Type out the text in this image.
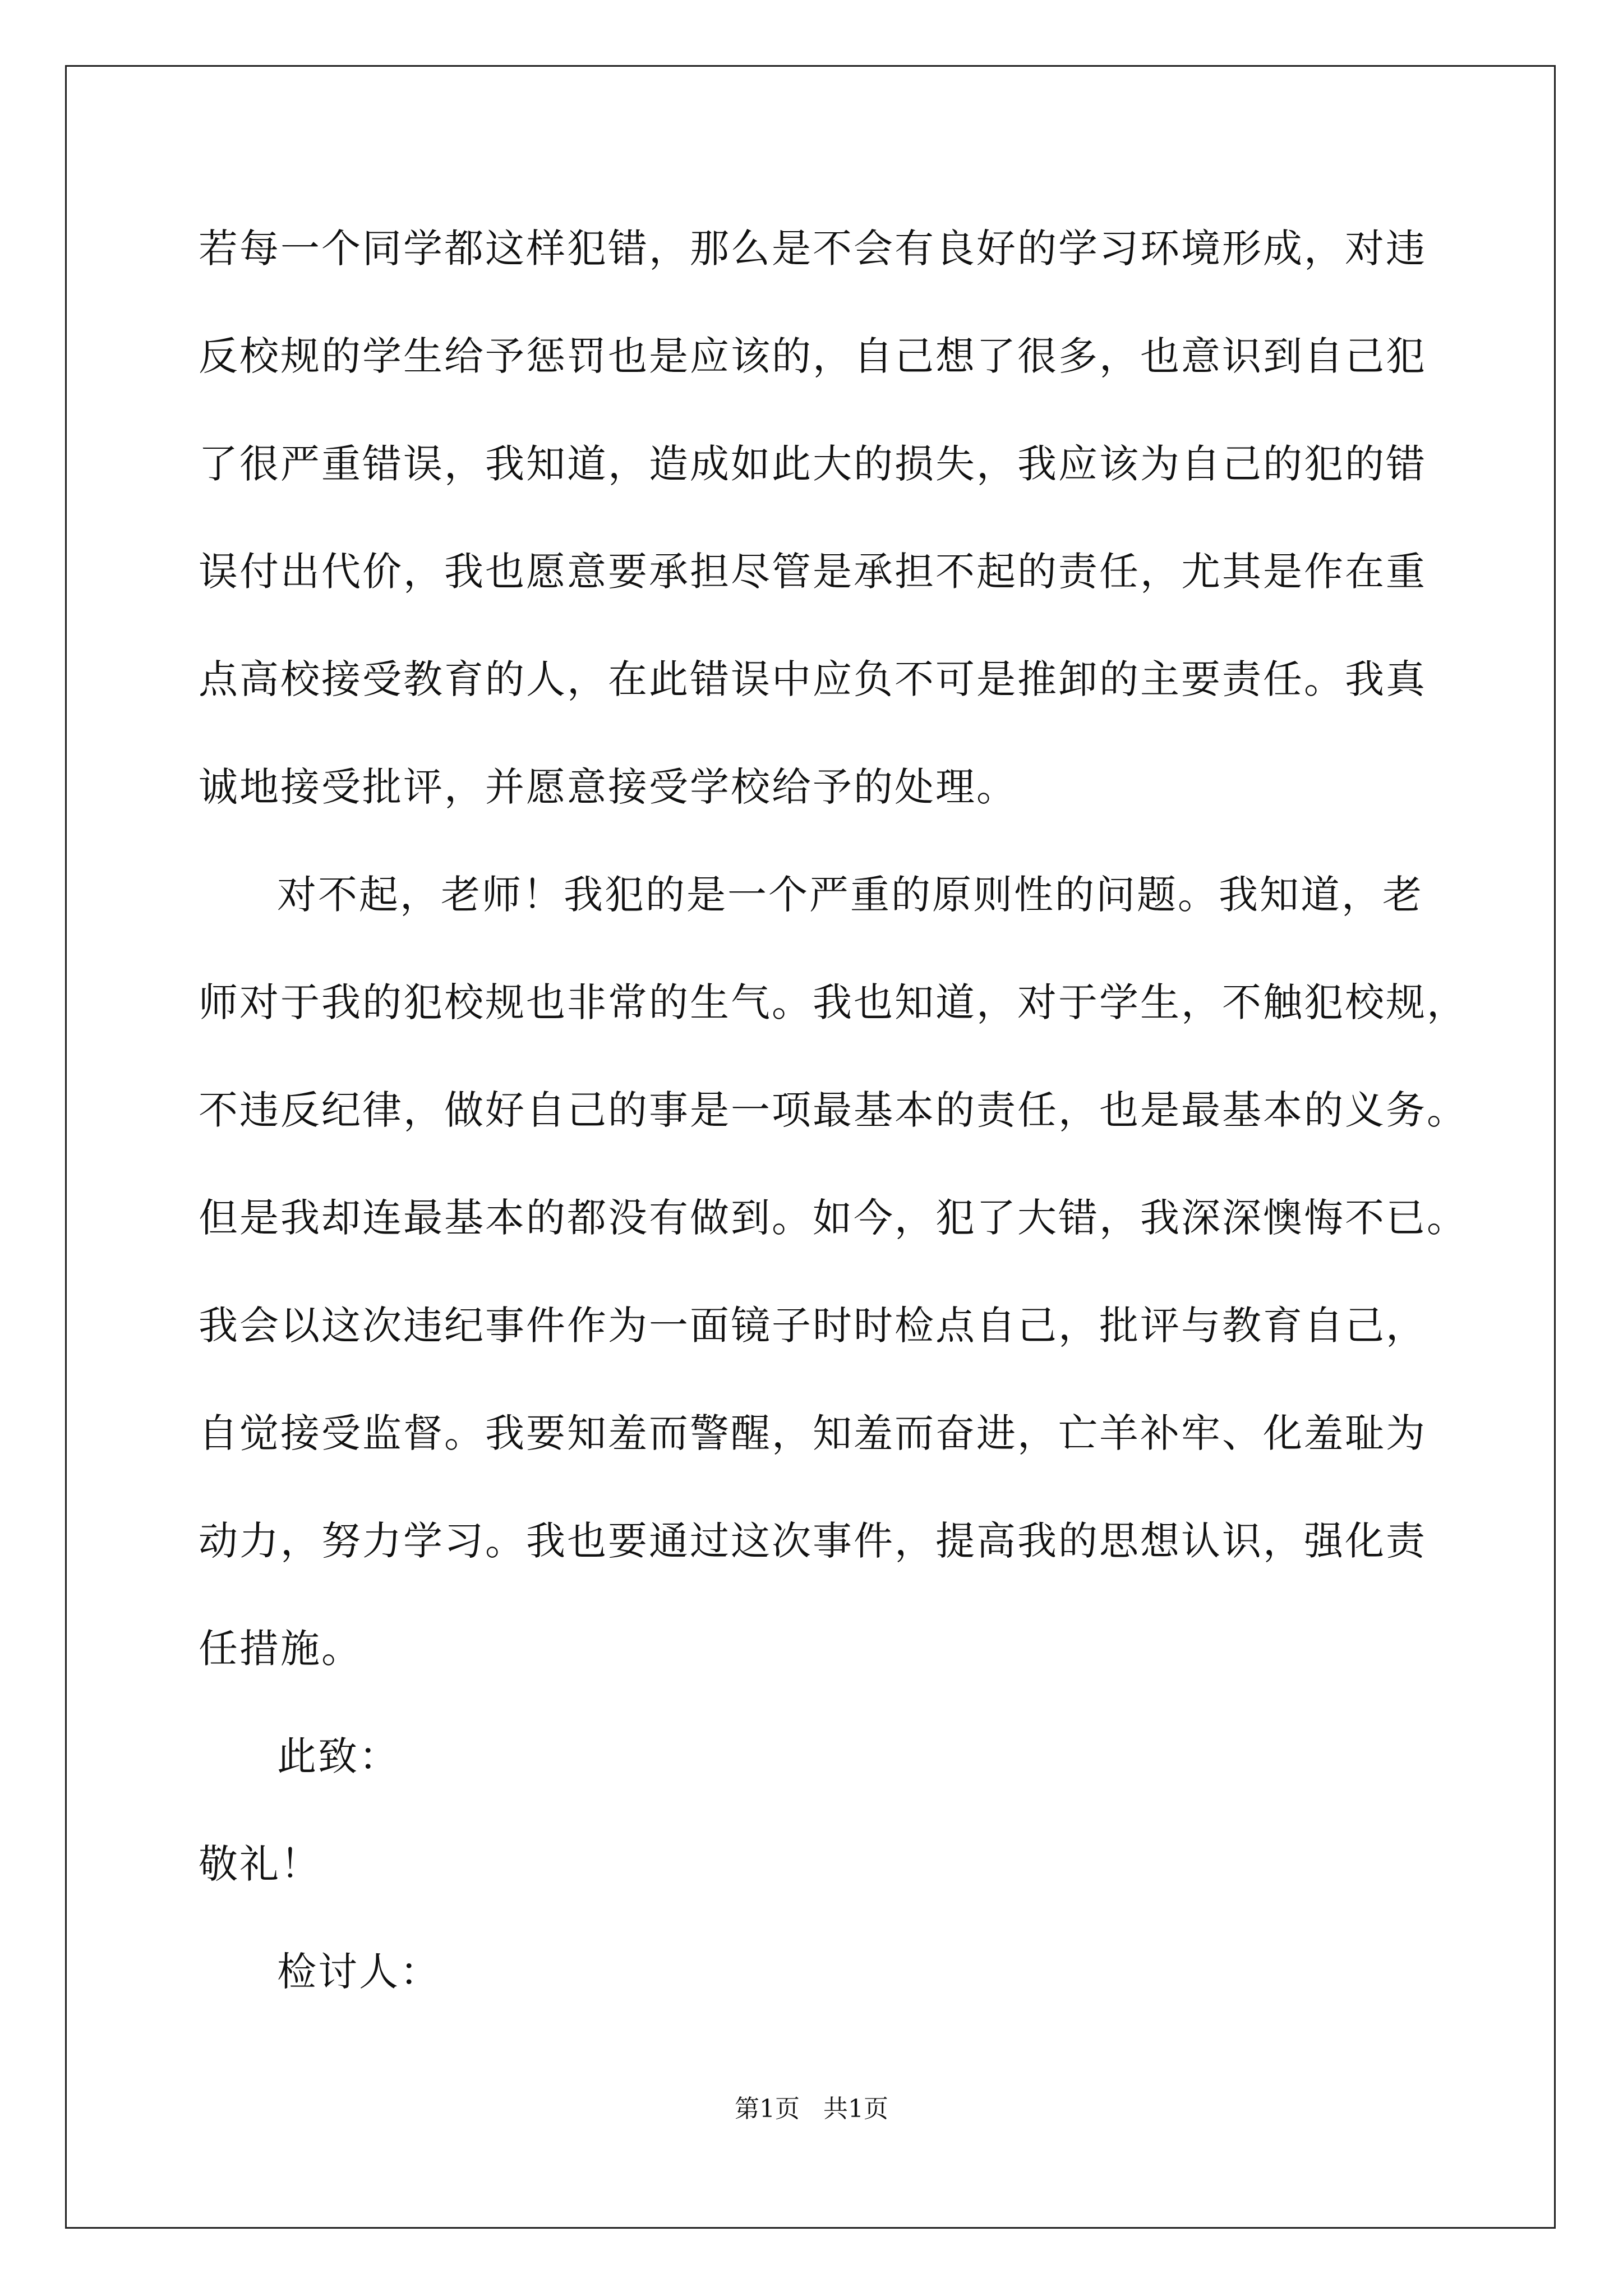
若每一个同学都这样犯错，那么是不会有良好的学习环境形成，对违

反校规的学生给予惩罚也是应该的，自己想了很多，也意识到自己犯

了很严重错误，我知道，造成如此大的损失，我应该为自己的犯的错

误付出代价，我也愿意要承担尽管是承担不起的责任，尤其是作在重

点高校接受教育的人，在此错误中应负不可是推卸的主要责任。我真

诚地接受批评，并愿意接受学校给予的处理。

对不起，老师！我犯的是一个严重的原则性的问题。我知道，老

师对于我的犯校规也非常的生气。我也知道，对于学生，不触犯校规，

不违反纪律，做好自己的事是一项最基本的责任，也是最基本的义务。

但是我却连最基本的都没有做到。如今，犯了大错，我深深懊悔不已。

我会以这次违纪事件作为一面镜子时时检点自己，批评与教育自己，

自觉接受监督。我要知羞而警醒，知羞而奋进，亡羊补牢、化羞耻为

动力，努力学习。我也要通过这次事件，提高我的思想认识，强化责

任措施。

此致：

敬礼！

检讨人：

第1页   共1页
